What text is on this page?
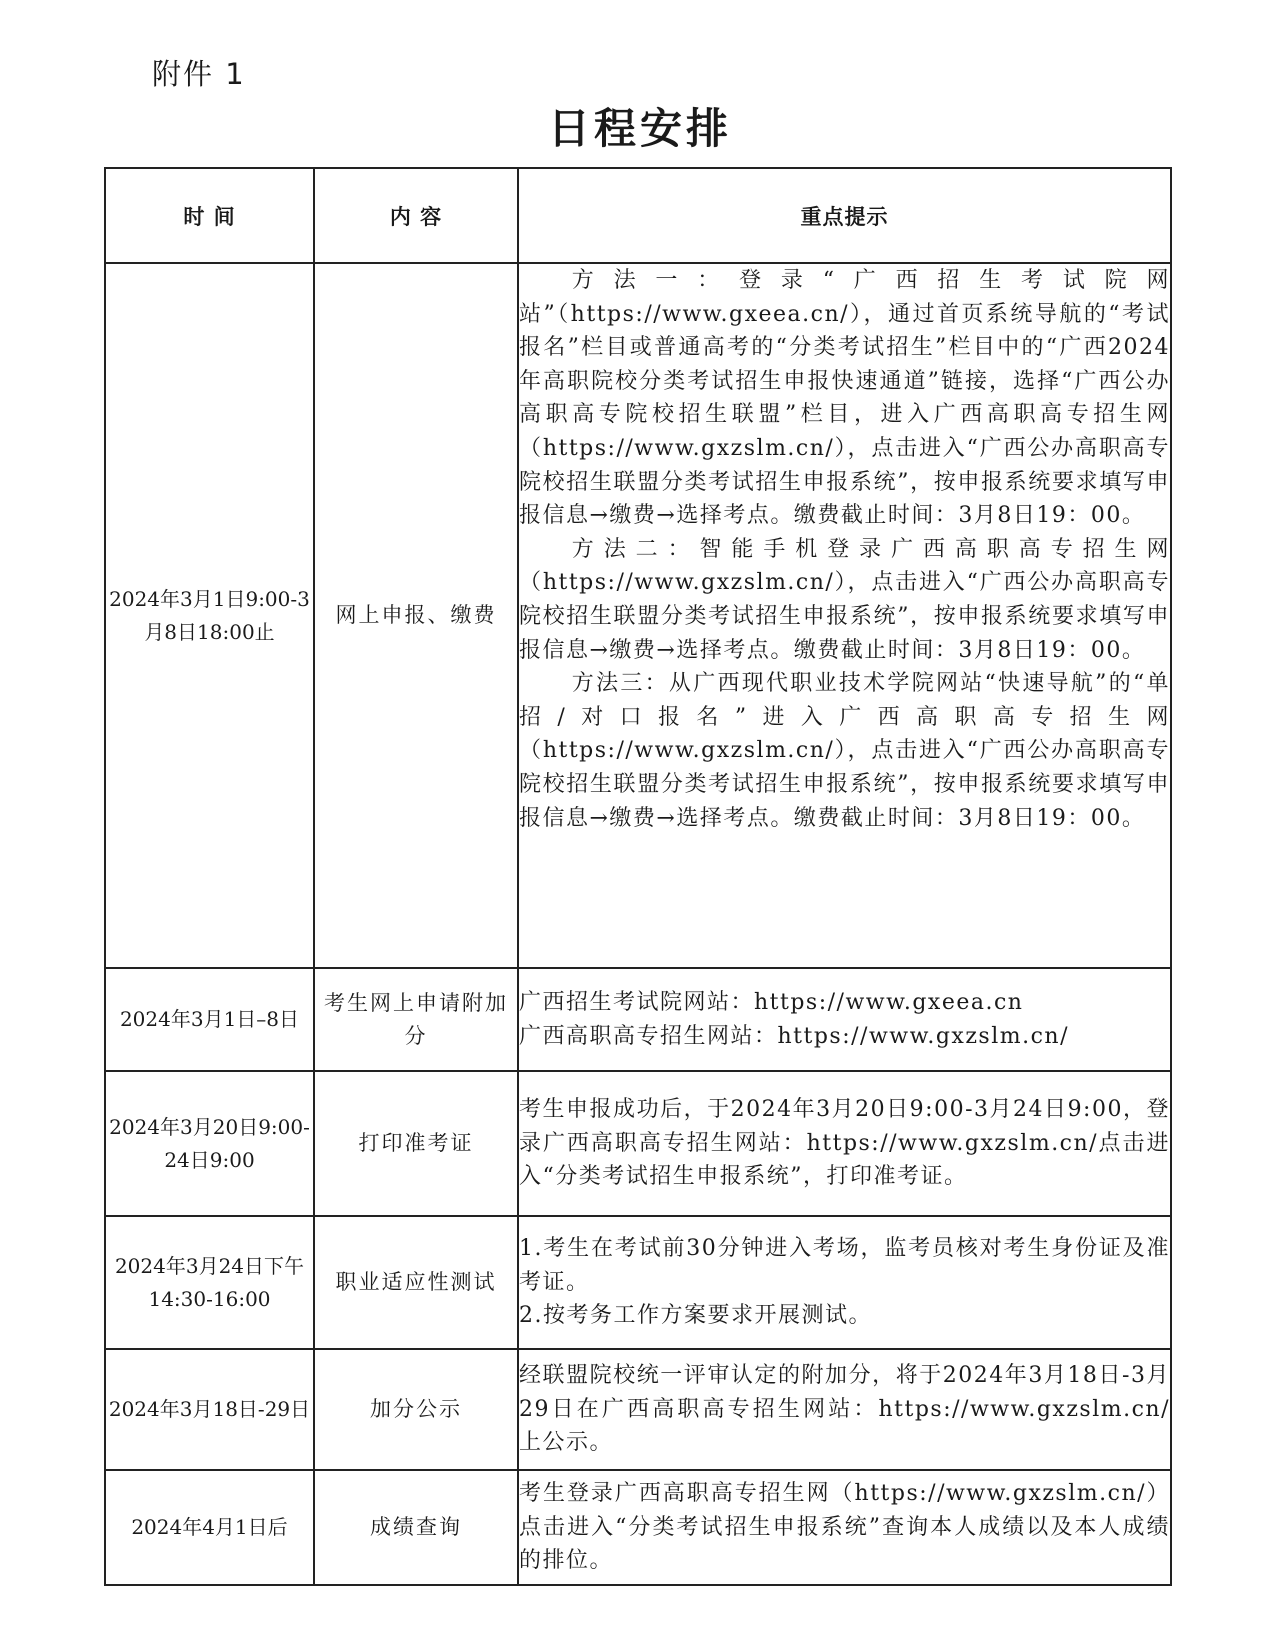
附件 1
日程安排
时 间	内 容	重点提示
2024年3月1日9:00-3月8日18:00止	网上申报、缴费	方法一：登录“广西招生考试院网站”（https://www.gxeea.cn/），通过首页系统导航的“考试报名”栏目或普通高考的“分类考试招生”栏目中的“广西2024年高职院校分类考试招生申报快速通道”链接，选择“广西公办高职高专院校招生联盟”栏目，进入广西高职高专招生网（https://www.gxzslm.cn/），点击进入“广西公办高职高专院校招生联盟分类考试招生申报系统”，按申报系统要求填写申报信息→缴费→选择考点。缴费截止时间：3月8日19：00。
方法二：智能手机登录广西高职高专招生网（https://www.gxzslm.cn/），点击进入“广西公办高职高专院校招生联盟分类考试招生申报系统”，按申报系统要求填写申报信息→缴费→选择考点。缴费截止时间：3月8日19：00。
方法三：从广西现代职业技术学院网站“快速导航”的“单招/对口报名”进入广西高职高专招生网（https://www.gxzslm.cn/），点击进入“广西公办高职高专院校招生联盟分类考试招生申报系统”，按申报系统要求填写申报信息→缴费→选择考点。缴费截止时间：3月8日19：00。

2024年3月1日–8日	考生网上申请附加分	广西招生考试院网站：https://www.gxeea.cn
广西高职高专招生网站：https://www.gxzslm.cn/

2024年3月20日9:00-24日9:00	打印准考证	考生申报成功后，于2024年3月20日9:00-3月24日9:00，登录广西高职高专招生网站：https://www.gxzslm.cn/点击进入“分类考试招生申报系统”，打印准考证。

2024年3月24日下午14:30-16:00	职业适应性测试	1.考生在考试前30分钟进入考场，监考员核对考生身份证及准考证。
2.按考务工作方案要求开展测试。

2024年3月18日-29日	加分公示	经联盟院校统一评审认定的附加分，将于2024年3月18日-3月29日在广西高职高专招生网站：https://www.gxzslm.cn/上公示。

2024年4月1日后	成绩查询	考生登录广西高职高专招生网（https://www.gxzslm.cn/）点击进入“分类考试招生申报系统”查询本人成绩以及本人成绩的排位。
